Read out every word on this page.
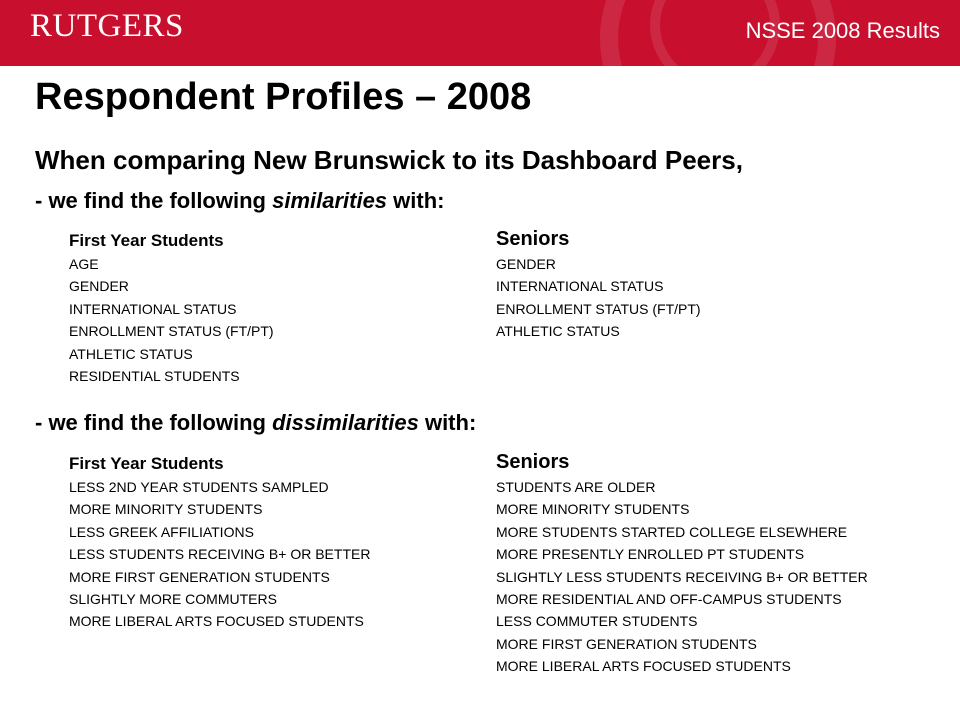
RUTGERS	NSSE 2008 Results
Respondent Profiles – 2008
When comparing New Brunswick to its Dashboard Peers,
- we find the following similarities with:
First Year Students
AGE
GENDER
INTERNATIONAL STATUS
ENROLLMENT STATUS (FT/PT)
ATHLETIC STATUS
RESIDENTIAL STUDENTS
Seniors
GENDER
INTERNATIONAL STATUS
ENROLLMENT STATUS (FT/PT)
ATHLETIC STATUS
- we find the following dissimilarities with:
First Year Students
LESS 2ND YEAR STUDENTS SAMPLED
MORE MINORITY STUDENTS
LESS GREEK AFFILIATIONS
LESS STUDENTS RECEIVING B+ OR BETTER
MORE FIRST GENERATION STUDENTS
SLIGHTLY MORE COMMUTERS
MORE LIBERAL ARTS FOCUSED STUDENTS
Seniors
STUDENTS ARE OLDER
MORE MINORITY STUDENTS
MORE STUDENTS STARTED COLLEGE ELSEWHERE
MORE PRESENTLY ENROLLED PT STUDENTS
SLIGHTLY LESS STUDENTS RECEIVING B+ OR BETTER
MORE RESIDENTIAL AND OFF-CAMPUS STUDENTS
LESS COMMUTER STUDENTS
MORE FIRST GENERATION STUDENTS
MORE LIBERAL ARTS FOCUSED STUDENTS
